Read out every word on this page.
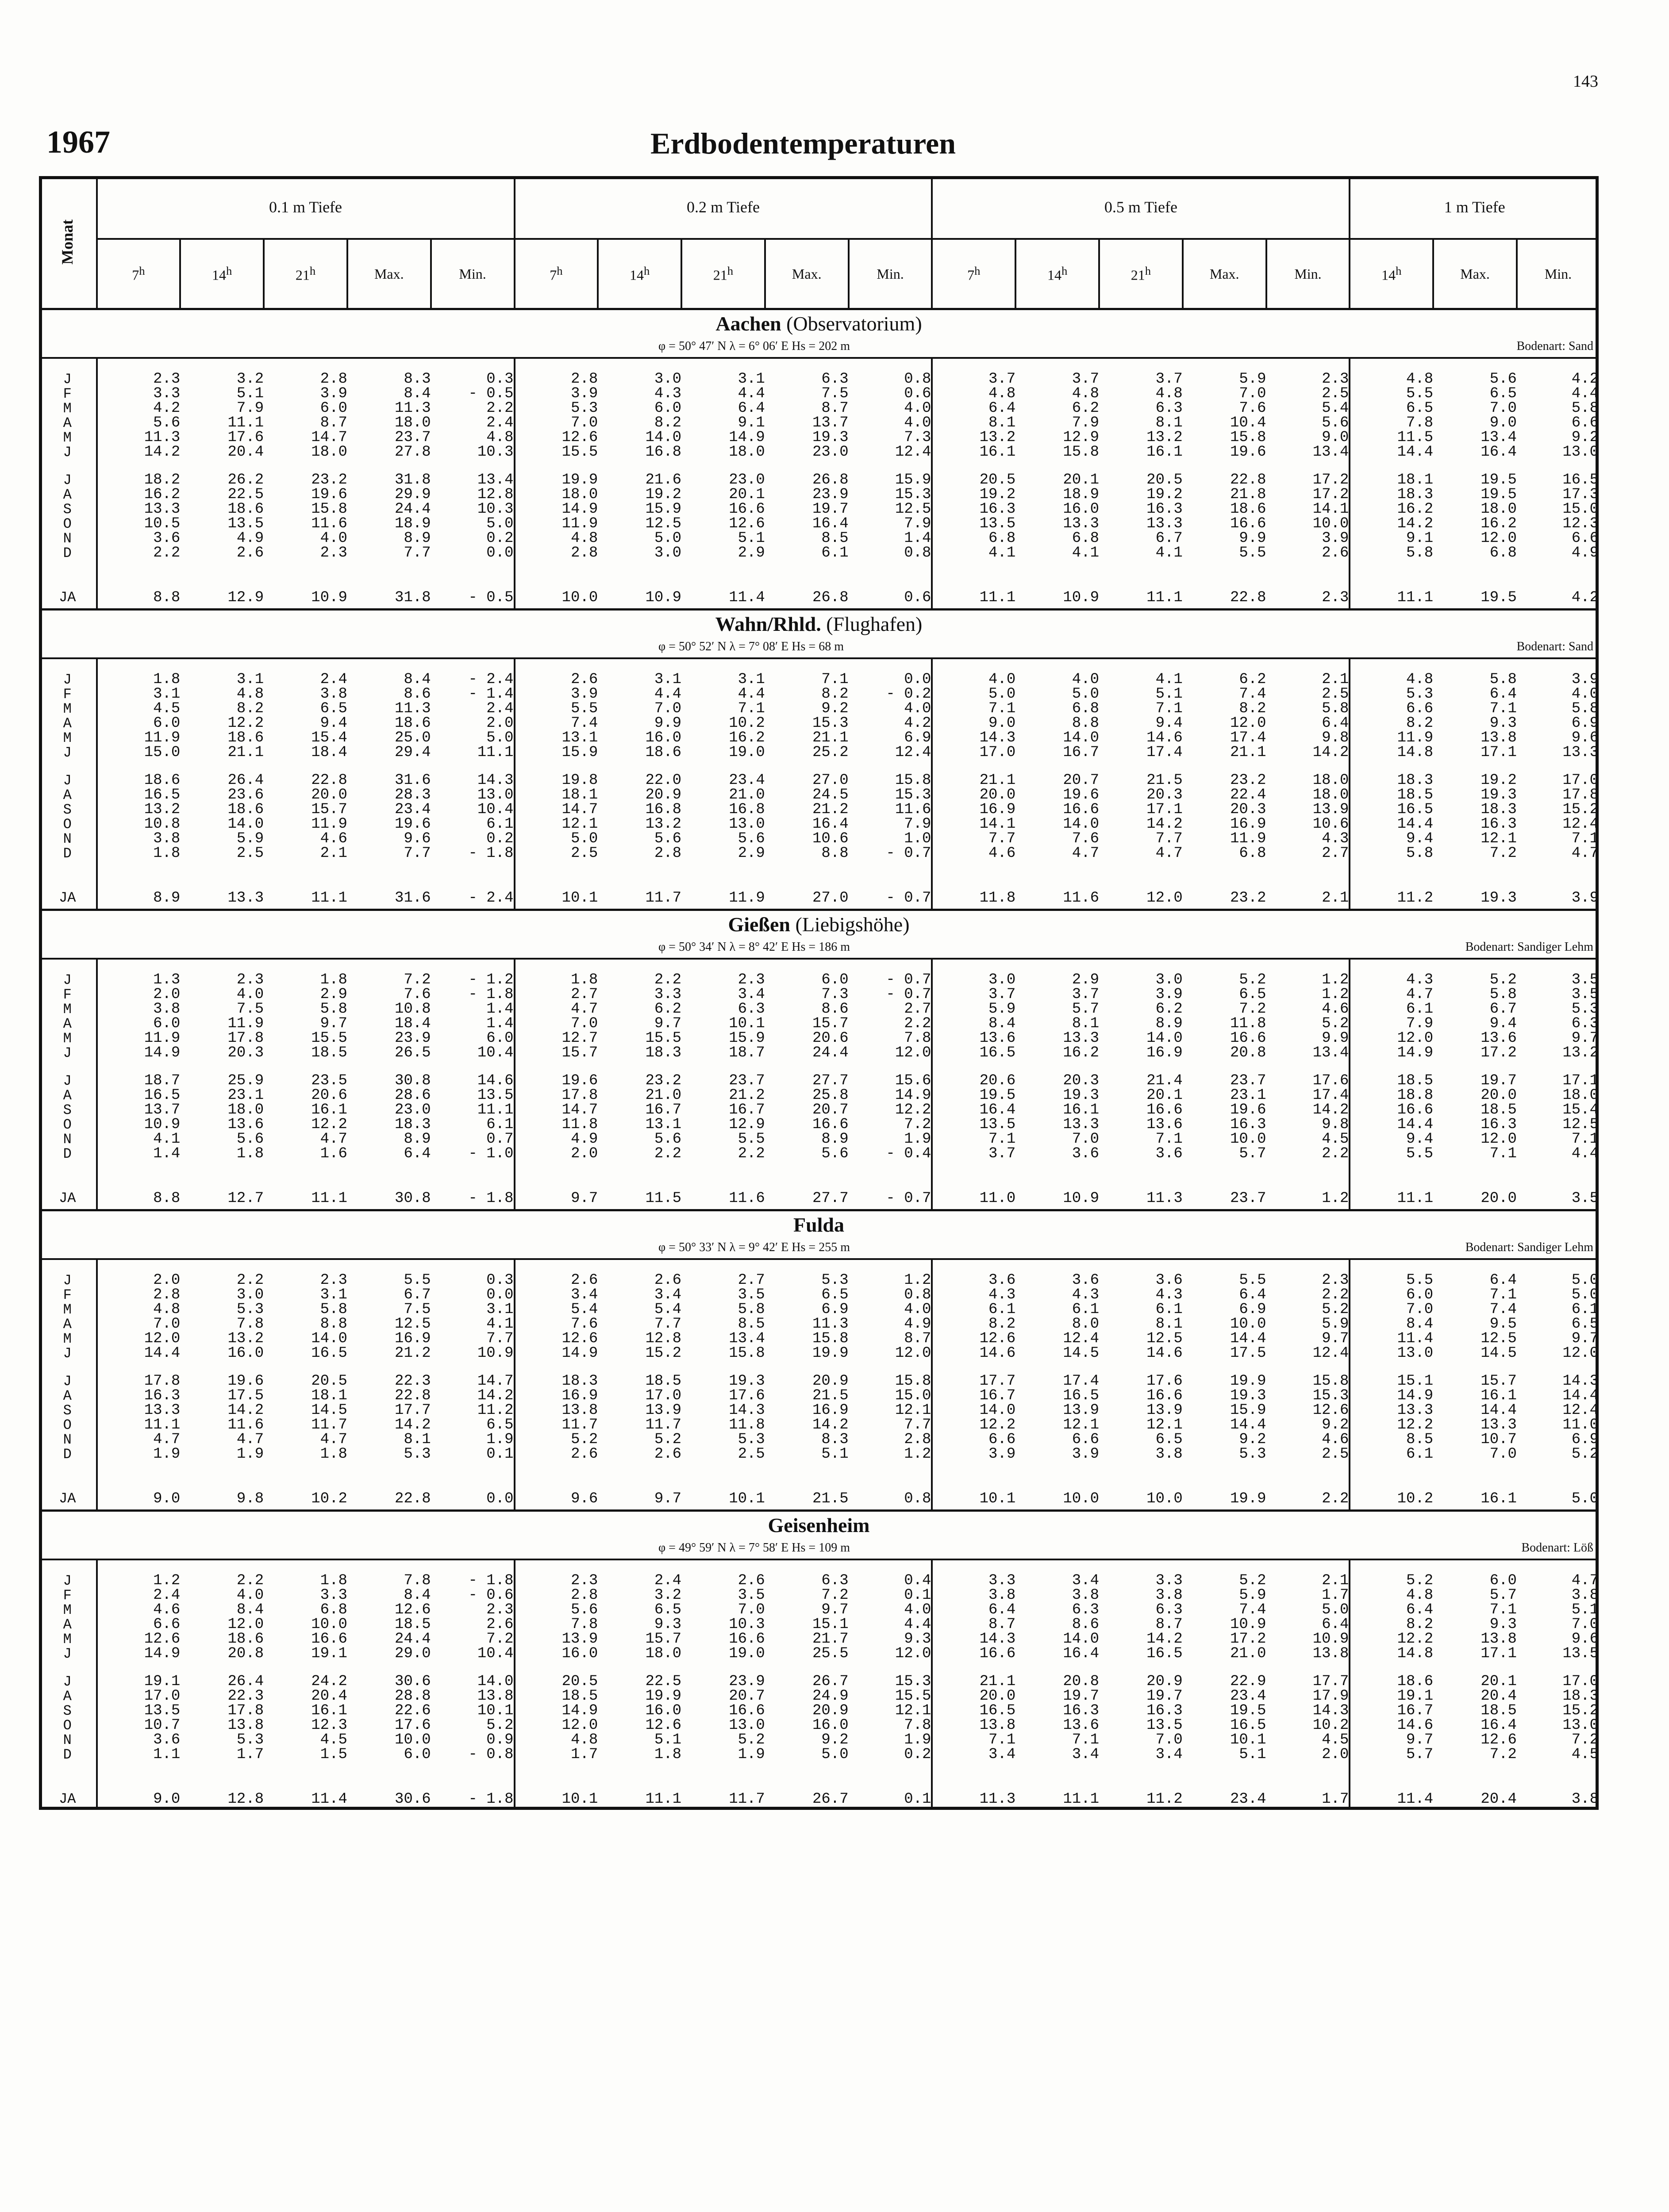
143
1967	Erdbodentemperaturen
Monat	0.1 m Tiefe					0.2 m Tiefe					0.5 m Tiefe					1 m Tiefe		
	7$^h$	14$^h$	21$^h$	Max.	Min.	7$^h$	14$^h$	21$^h$	Max.	Min.	7$^h$	14$^h$	21$^h$	Max.	Min.	14$^h$	Max.	Min.
Aachen (Observatorium)																		

φ = 50° 47′ N λ = 6° 06′ E Hs = 202 m Bodenart: Sand																		

J	2.3	3.2	2.8	8.3	0.3	2.8	3.0	3.1	6.3	0.8	3.7	3.7	3.7	5.9	2.3	4.8	5.6	4.2
F	3.3	5.1	3.9	8.4	- 0.5	3.9	4.3	4.4	7.5	0.6	4.8	4.8	4.8	7.0	2.5	5.5	6.5	4.4
M	4.2	7.9	6.0	11.3	2.2	5.3	6.0	6.4	8.7	4.0	6.4	6.2	6.3	7.6	5.4	6.5	7.0	5.8
A	5.6	11.1	8.7	18.0	2.4	7.0	8.2	9.1	13.7	4.0	8.1	7.9	8.1	10.4	5.6	7.8	9.0	6.6
M	11.3	17.6	14.7	23.7	4.8	12.6	14.0	14.9	19.3	7.3	13.2	12.9	13.2	15.8	9.0	11.5	13.4	9.2
J	14.2	20.4	18.0	27.8	10.3	15.5	16.8	18.0	23.0	12.4	16.1	15.8	16.1	19.6	13.4	14.4	16.4	13.0

J	18.2	26.2	23.2	31.8	13.4	19.9	21.6	23.0	26.8	15.9	20.5	20.1	20.5	22.8	17.2	18.1	19.5	16.5
A	16.2	22.5	19.6	29.9	12.8	18.0	19.2	20.1	23.9	15.3	19.2	18.9	19.2	21.8	17.2	18.3	19.5	17.3
S	13.3	18.6	15.8	24.4	10.3	14.9	15.9	16.6	19.7	12.5	16.3	16.0	16.3	18.6	14.1	16.2	18.0	15.0
O	10.5	13.5	11.6	18.9	5.0	11.9	12.5	12.6	16.4	7.9	13.5	13.3	13.3	16.6	10.0	14.2	16.2	12.3
N	3.6	4.9	4.0	8.9	0.2	4.8	5.0	5.1	8.5	1.4	6.8	6.8	6.7	9.9	3.9	9.1	12.0	6.6
D	2.2	2.6	2.3	7.7	0.0	2.8	3.0	2.9	6.1	0.8	4.1	4.1	4.1	5.5	2.6	5.8	6.8	4.9

JA	8.8	12.9	10.9	31.8	- 0.5	10.0	10.9	11.4	26.8	0.6	11.1	10.9	11.1	22.8	2.3	11.1	19.5	4.2
Wahn/Rhld. (Flughafen)																		

φ = 50° 52′ N λ = 7° 08′ E Hs = 68 m Bodenart: Sand																		

J	1.8	3.1	2.4	8.4	- 2.4	2.6	3.1	3.1	7.1	0.0	4.0	4.0	4.1	6.2	2.1	4.8	5.8	3.9
F	3.1	4.8	3.8	8.6	- 1.4	3.9	4.4	4.4	8.2	- 0.2	5.0	5.0	5.1	7.4	2.5	5.3	6.4	4.0
M	4.5	8.2	6.5	11.3	2.4	5.5	7.0	7.1	9.2	4.0	7.1	6.8	7.1	8.2	5.8	6.6	7.1	5.8
A	6.0	12.2	9.4	18.6	2.0	7.4	9.9	10.2	15.3	4.2	9.0	8.8	9.4	12.0	6.4	8.2	9.3	6.9
M	11.9	18.6	15.4	25.0	5.0	13.1	16.0	16.2	21.1	6.9	14.3	14.0	14.6	17.4	9.8	11.9	13.8	9.6
J	15.0	21.1	18.4	29.4	11.1	15.9	18.6	19.0	25.2	12.4	17.0	16.7	17.4	21.1	14.2	14.8	17.1	13.3

J	18.6	26.4	22.8	31.6	14.3	19.8	22.0	23.4	27.0	15.8	21.1	20.7	21.5	23.2	18.0	18.3	19.2	17.0
A	16.5	23.6	20.0	28.3	13.0	18.1	20.9	21.0	24.5	15.3	20.0	19.6	20.3	22.4	18.0	18.5	19.3	17.8
S	13.2	18.6	15.7	23.4	10.4	14.7	16.8	16.8	21.2	11.6	16.9	16.6	17.1	20.3	13.9	16.5	18.3	15.2
O	10.8	14.0	11.9	19.6	6.1	12.1	13.2	13.0	16.4	7.9	14.1	14.0	14.2	16.9	10.6	14.4	16.3	12.4
N	3.8	5.9	4.6	9.6	0.2	5.0	5.6	5.6	10.6	1.0	7.7	7.6	7.7	11.9	4.3	9.4	12.1	7.1
D	1.8	2.5	2.1	7.7	- 1.8	2.5	2.8	2.9	8.8	- 0.7	4.6	4.7	4.7	6.8	2.7	5.8	7.2	4.7

JA	8.9	13.3	11.1	31.6	- 2.4	10.1	11.7	11.9	27.0	- 0.7	11.8	11.6	12.0	23.2	2.1	11.2	19.3	3.9
Gießen (Liebigshöhe)																		

φ = 50° 34′ N λ = 8° 42′ E Hs = 186 m Bodenart: Sandiger Lehm																		

J	1.3	2.3	1.8	7.2	- 1.2	1.8	2.2	2.3	6.0	- 0.7	3.0	2.9	3.0	5.2	1.2	4.3	5.2	3.5
F	2.0	4.0	2.9	7.6	- 1.8	2.7	3.3	3.4	7.3	- 0.7	3.7	3.7	3.9	6.5	1.2	4.7	5.8	3.5
M	3.8	7.5	5.8	10.8	1.4	4.7	6.2	6.3	8.6	2.7	5.9	5.7	6.2	7.2	4.6	6.1	6.7	5.3
A	6.0	11.9	9.7	18.4	1.4	7.0	9.7	10.1	15.7	2.2	8.4	8.1	8.9	11.8	5.2	7.9	9.4	6.3
M	11.9	17.8	15.5	23.9	6.0	12.7	15.5	15.9	20.6	7.8	13.6	13.3	14.0	16.6	9.9	12.0	13.6	9.7
J	14.9	20.3	18.5	26.5	10.4	15.7	18.3	18.7	24.4	12.0	16.5	16.2	16.9	20.8	13.4	14.9	17.2	13.2

J	18.7	25.9	23.5	30.8	14.6	19.6	23.2	23.7	27.7	15.6	20.6	20.3	21.4	23.7	17.6	18.5	19.7	17.1
A	16.5	23.1	20.6	28.6	13.5	17.8	21.0	21.2	25.8	14.9	19.5	19.3	20.1	23.1	17.4	18.8	20.0	18.0
S	13.7	18.0	16.1	23.0	11.1	14.7	16.7	16.7	20.7	12.2	16.4	16.1	16.6	19.6	14.2	16.6	18.5	15.4
O	10.9	13.6	12.2	18.3	6.1	11.8	13.1	12.9	16.6	7.2	13.5	13.3	13.6	16.3	9.8	14.4	16.3	12.5
N	4.1	5.6	4.7	8.9	0.7	4.9	5.6	5.5	8.9	1.9	7.1	7.0	7.1	10.0	4.5	9.4	12.0	7.1
D	1.4	1.8	1.6	6.4	- 1.0	2.0	2.2	2.2	5.6	- 0.4	3.7	3.6	3.6	5.7	2.2	5.5	7.1	4.4

JA	8.8	12.7	11.1	30.8	- 1.8	9.7	11.5	11.6	27.7	- 0.7	11.0	10.9	11.3	23.7	1.2	11.1	20.0	3.5
Fulda																		

φ = 50° 33′ N λ = 9° 42′ E Hs = 255 m Bodenart: Sandiger Lehm																		

J	2.0	2.2	2.3	5.5	0.3	2.6	2.6	2.7	5.3	1.2	3.6	3.6	3.6	5.5	2.3	5.5	6.4	5.0
F	2.8	3.0	3.1	6.7	0.0	3.4	3.4	3.5	6.5	0.8	4.3	4.3	4.3	6.4	2.2	6.0	7.1	5.0
M	4.8	5.3	5.8	7.5	3.1	5.4	5.4	5.8	6.9	4.0	6.1	6.1	6.1	6.9	5.2	7.0	7.4	6.1
A	7.0	7.8	8.8	12.5	4.1	7.6	7.7	8.5	11.3	4.9	8.2	8.0	8.1	10.0	5.9	8.4	9.5	6.5
M	12.0	13.2	14.0	16.9	7.7	12.6	12.8	13.4	15.8	8.7	12.6	12.4	12.5	14.4	9.7	11.4	12.5	9.7
J	14.4	16.0	16.5	21.2	10.9	14.9	15.2	15.8	19.9	12.0	14.6	14.5	14.6	17.5	12.4	13.0	14.5	12.0

J	17.8	19.6	20.5	22.3	14.7	18.3	18.5	19.3	20.9	15.8	17.7	17.4	17.6	19.9	15.8	15.1	15.7	14.3
A	16.3	17.5	18.1	22.8	14.2	16.9	17.0	17.6	21.5	15.0	16.7	16.5	16.6	19.3	15.3	14.9	16.1	14.4
S	13.3	14.2	14.5	17.7	11.2	13.8	13.9	14.3	16.9	12.1	14.0	13.9	13.9	15.9	12.6	13.3	14.4	12.4
O	11.1	11.6	11.7	14.2	6.5	11.7	11.7	11.8	14.2	7.7	12.2	12.1	12.1	14.4	9.2	12.2	13.3	11.0
N	4.7	4.7	4.7	8.1	1.9	5.2	5.2	5.3	8.3	2.8	6.6	6.6	6.5	9.2	4.6	8.5	10.7	6.9
D	1.9	1.9	1.8	5.3	0.1	2.6	2.6	2.5	5.1	1.2	3.9	3.9	3.8	5.3	2.5	6.1	7.0	5.2

JA	9.0	9.8	10.2	22.8	0.0	9.6	9.7	10.1	21.5	0.8	10.1	10.0	10.0	19.9	2.2	10.2	16.1	5.0
Geisenheim																		

φ = 49° 59′ N λ = 7° 58′ E Hs = 109 m Bodenart: Löß																		

J	1.2	2.2	1.8	7.8	- 1.8	2.3	2.4	2.6	6.3	0.4	3.3	3.4	3.3	5.2	2.1	5.2	6.0	4.7
F	2.4	4.0	3.3	8.4	- 0.6	2.8	3.2	3.5	7.2	0.1	3.8	3.8	3.8	5.9	1.7	4.8	5.7	3.8
M	4.6	8.4	6.8	12.6	2.3	5.6	6.5	7.0	9.7	4.0	6.4	6.3	6.3	7.4	5.0	6.4	7.1	5.1
A	6.6	12.0	10.0	18.5	2.6	7.8	9.3	10.3	15.1	4.4	8.7	8.6	8.7	10.9	6.4	8.2	9.3	7.0
M	12.6	18.6	16.6	24.4	7.2	13.9	15.7	16.6	21.7	9.3	14.3	14.0	14.2	17.2	10.9	12.2	13.8	9.6
J	14.9	20.8	19.1	29.0	10.4	16.0	18.0	19.0	25.5	12.0	16.6	16.4	16.5	21.0	13.8	14.8	17.1	13.5

J	19.1	26.4	24.2	30.6	14.0	20.5	22.5	23.9	26.7	15.3	21.1	20.8	20.9	22.9	17.7	18.6	20.1	17.0
A	17.0	22.3	20.4	28.8	13.8	18.5	19.9	20.7	24.9	15.5	20.0	19.7	19.7	23.4	17.9	19.1	20.4	18.3
S	13.5	17.8	16.1	22.6	10.1	14.9	16.0	16.6	20.9	12.1	16.5	16.3	16.3	19.5	14.3	16.7	18.5	15.2
O	10.7	13.8	12.3	17.6	5.2	12.0	12.6	13.0	16.0	7.8	13.8	13.6	13.5	16.5	10.2	14.6	16.4	13.0
N	3.6	5.3	4.5	10.0	0.9	4.8	5.1	5.2	9.2	1.9	7.1	7.1	7.0	10.1	4.5	9.7	12.6	7.2
D	1.1	1.7	1.5	6.0	- 0.8	1.7	1.8	1.9	5.0	0.2	3.4	3.4	3.4	5.1	2.0	5.7	7.2	4.5

JA	9.0	12.8	11.4	30.6	- 1.8	10.1	11.1	11.7	26.7	0.1	11.3	11.1	11.2	23.4	1.7	11.4	20.4	3.8
